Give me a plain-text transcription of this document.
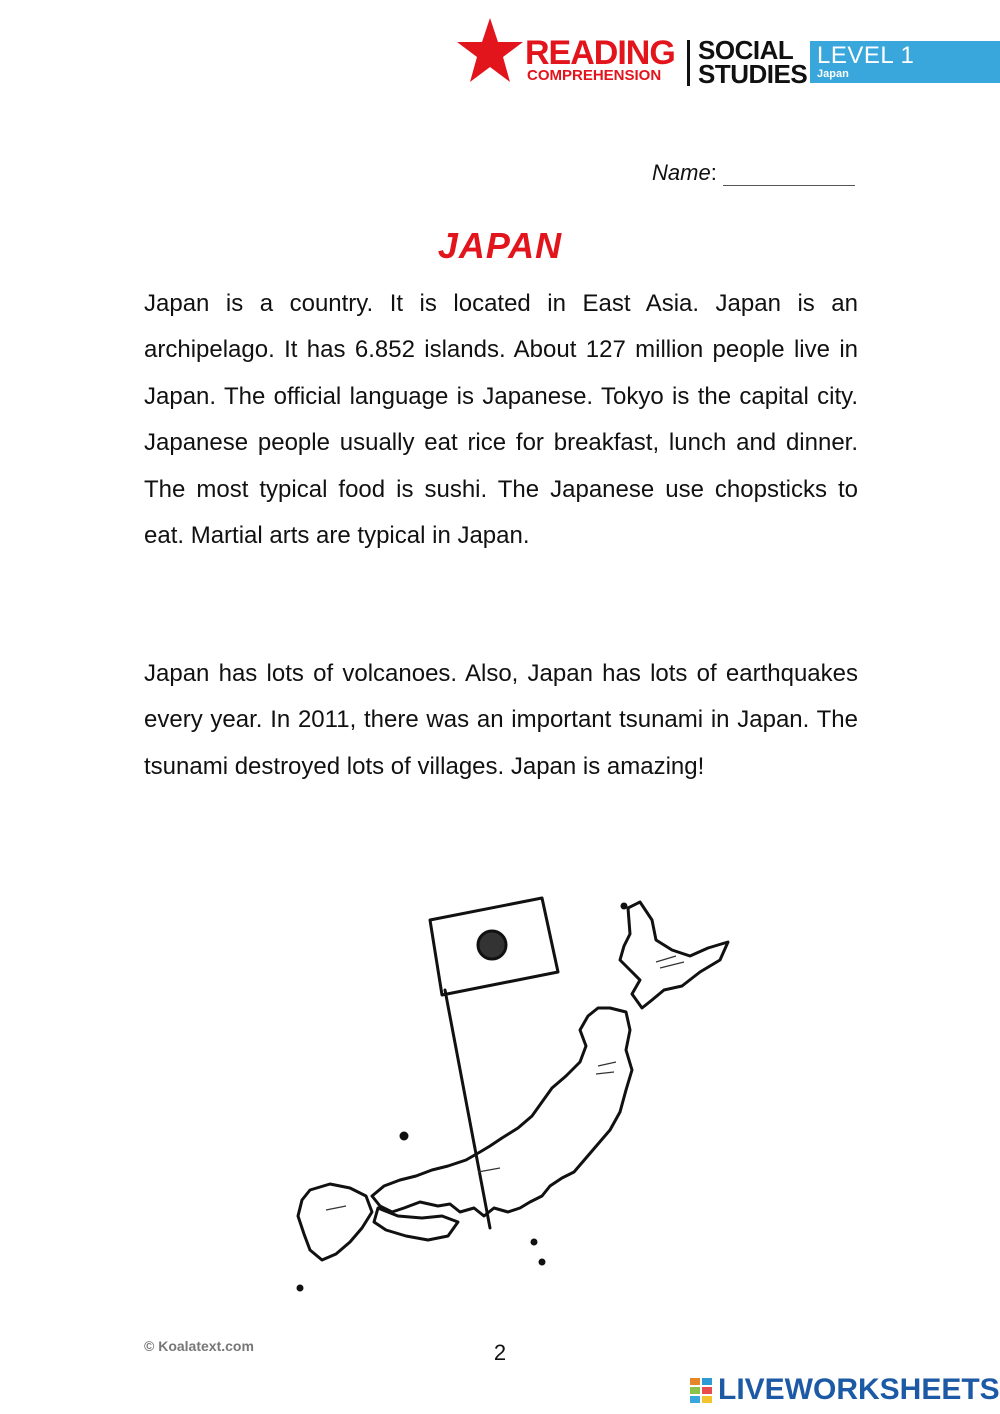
READING
COMPREHENSION
SOCIAL
STUDIES
LEVEL 1
Japan
Name:
JAPAN

Japan is a country. It is located in East Asia. Japan is an archipelago. It has 6.852 islands. About 127 million people live in Japan. The official language is Japanese. Tokyo is the capital city. Japanese people usually eat rice for breakfast, lunch and dinner. The most typical food is sushi. The Japanese use chopsticks to eat. Martial arts are typical in Japan.

Japan has lots of volcanoes. Also, Japan has lots of earthquakes every year. In 2011, there was an important tsunami in Japan. The tsunami destroyed lots of villages. Japan is amazing!

© Koalatext.com	2
LIVEWORKSHEETS
